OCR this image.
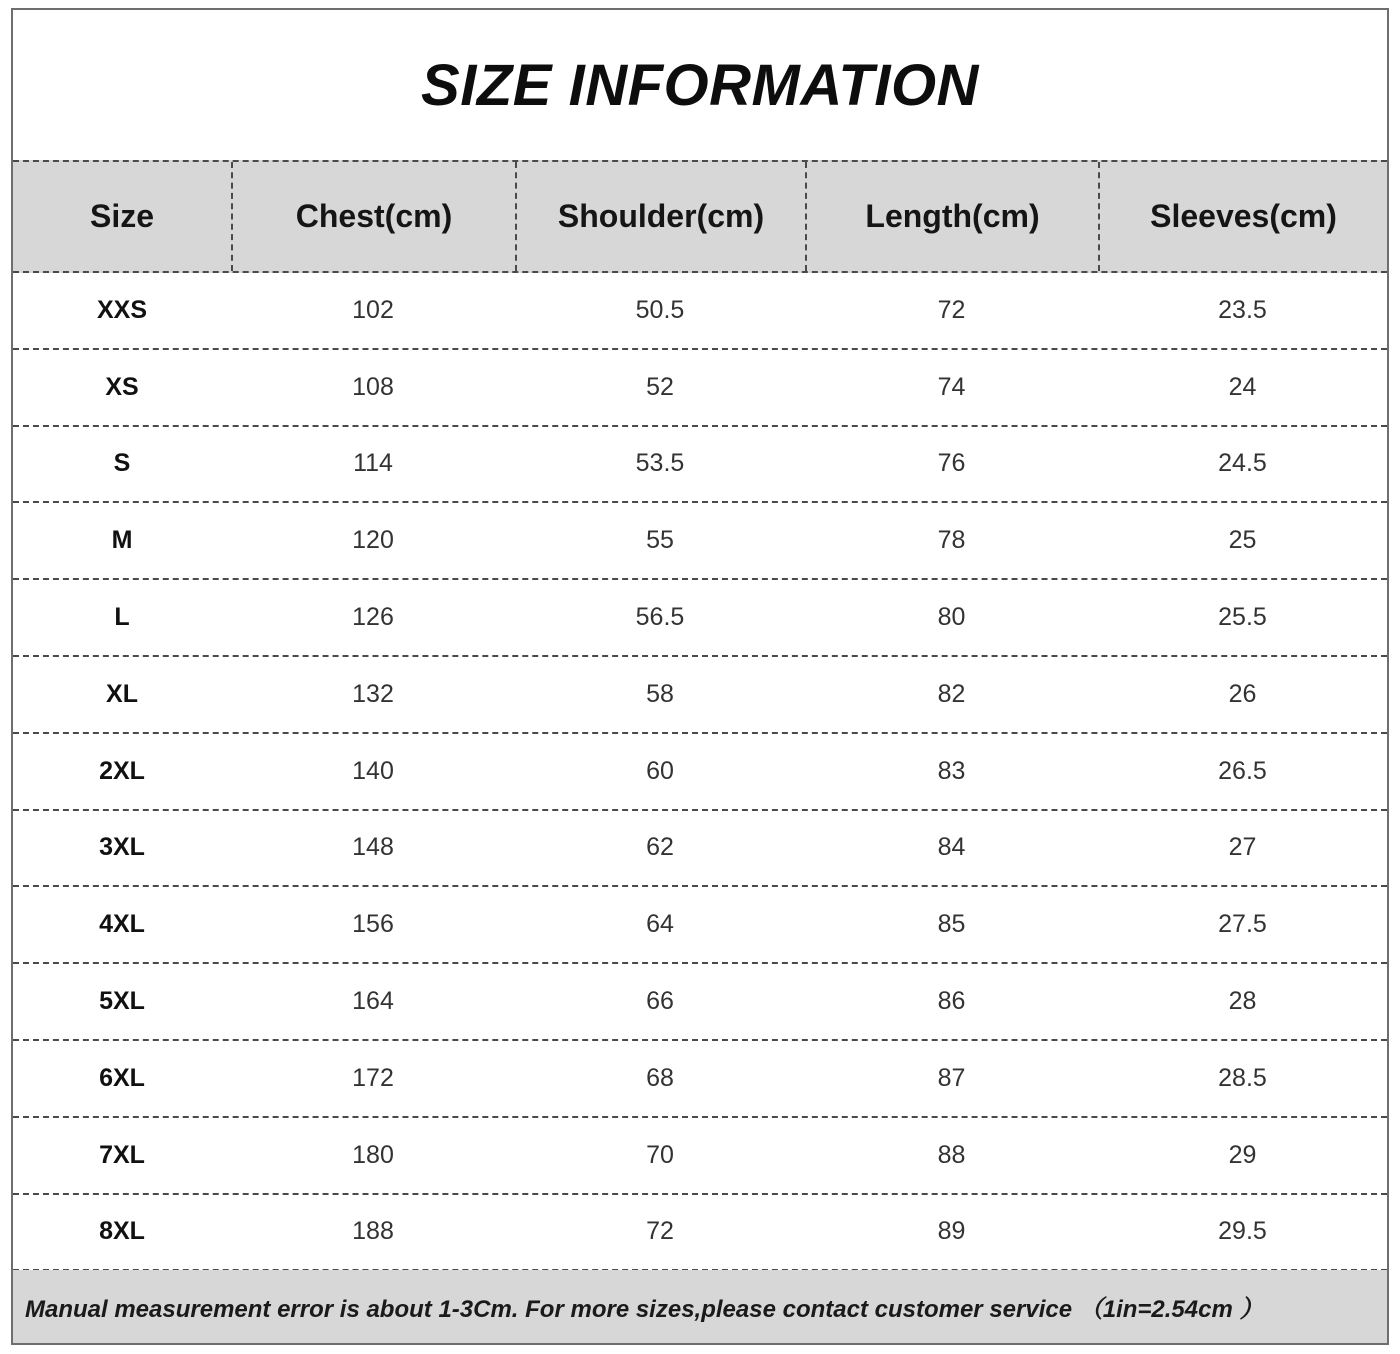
SIZE INFORMATION
Size	Chest(cm)	Shoulder(cm)	Length(cm)	Sleeves(cm)
XXS	102	50.5	72	23.5
XS	108	52	74	24
S	114	53.5	76	24.5
M	120	55	78	25
L	126	56.5	80	25.5
XL	132	58	82	26
2XL	140	60	83	26.5
3XL	148	62	84	27
4XL	156	64	85	27.5
5XL	164	66	86	28
6XL	172	68	87	28.5
7XL	180	70	88	29
8XL	188	72	89	29.5
Manual measurement error is about 1-3Cm. For more sizes,please contact customer service （1in=2.54cm ）
